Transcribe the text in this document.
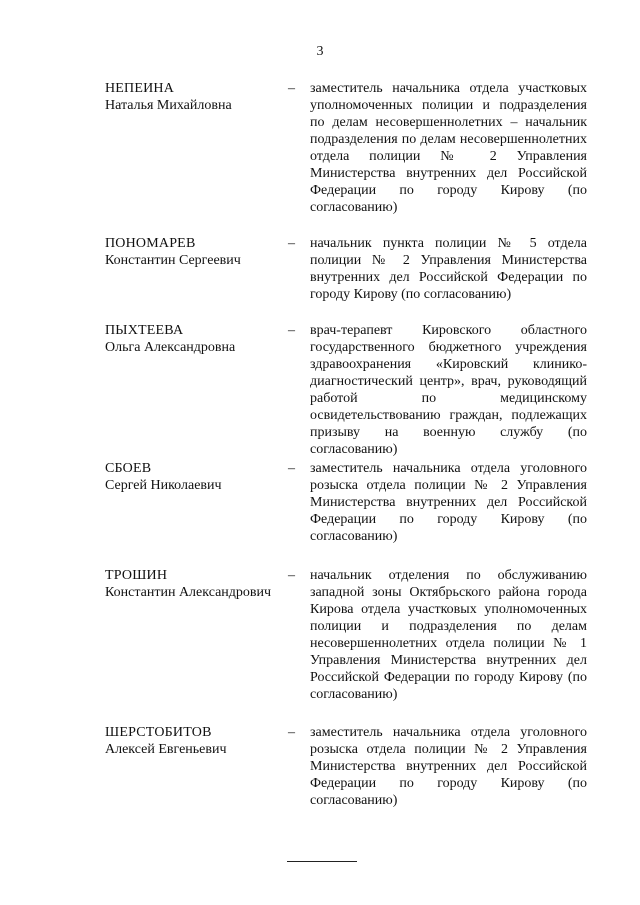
3
НЕПЕИНА
Наталья Михайловна
– заместитель начальника отдела участковых уполномоченных полиции и подразделения по делам несовершеннолетних – начальник подразделения по делам несовершеннолетних отдела полиции № 2 Управления Министерства внутренних дел Российской Федерации по городу Кирову (по согласованию)
ПОНОМАРЕВ
Константин Сергеевич
– начальник пункта полиции № 5 отдела полиции № 2 Управления Министерства внутренних дел Российской Федерации по городу Кирову (по согласованию)
ПЫХТЕЕВА
Ольга Александровна
– врач-терапевт Кировского областного государственного бюджетного учреждения здравоохранения «Кировский клинико-диагностический центр», врач, руководящий работой по медицинскому освидетельствованию граждан, подлежащих призыву на военную службу (по согласованию)
СБОЕВ
Сергей Николаевич
– заместитель начальника отдела уголовного розыска отдела полиции № 2 Управления Министерства внутренних дел Российской Федерации по городу Кирову (по согласованию)
ТРОШИН
Константин Александрович
– начальник отделения по обслуживанию западной зоны Октябрьского района города Кирова отдела участковых уполномоченных полиции и подразделения по делам несовершеннолетних отдела полиции № 1 Управления Министерства внутренних дел Российской Федерации по городу Кирову (по согласованию)
ШЕРСТОБИТОВ
Алексей Евгеньевич
– заместитель начальника отдела уголовного розыска отдела полиции № 2 Управления Министерства внутренних дел Российской Федерации по городу Кирову (по согласованию)
